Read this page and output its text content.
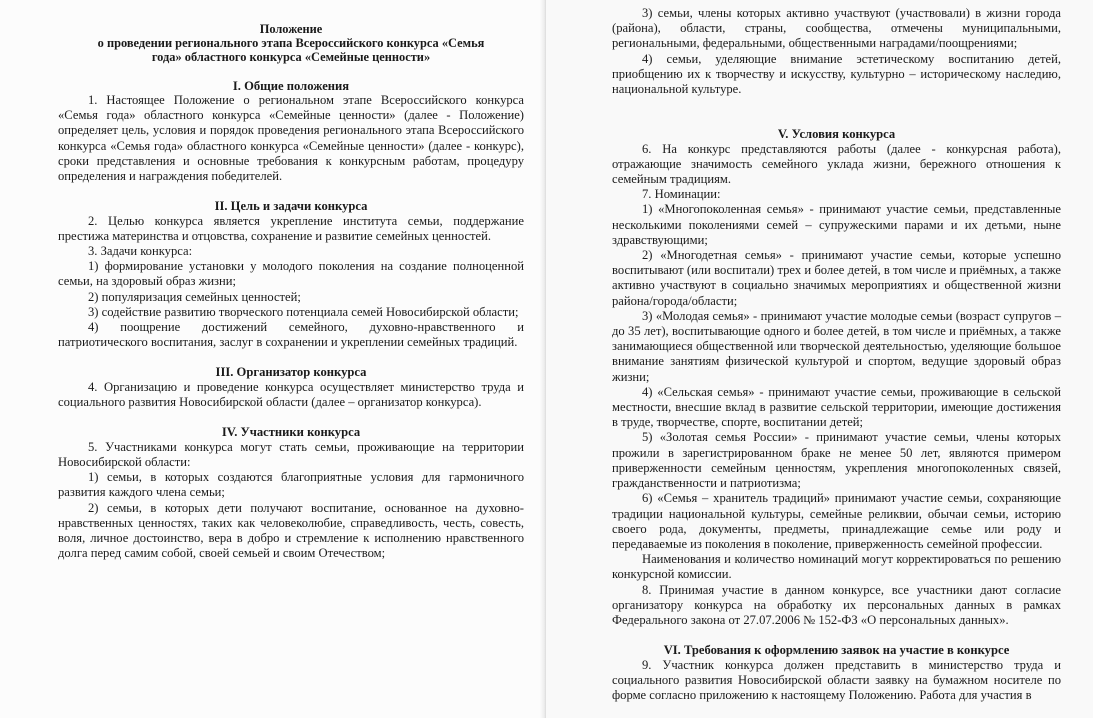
Положение
о проведении регионального этапа Всероссийского конкурса «Семья
года» областного конкурса «Семейные ценности»
I. Общие положения

1. Настоящее Положение о региональном этапе Всероссийского конкурса «Семья года» областного конкурса «Семейные ценности» (далее - Положение) определяет цель, условия и порядок проведения регионального этапа Всероссийского конкурса «Семья года» областного конкурса «Семейные ценности» (далее - конкурс), сроки представления и основные требования к конкурсным работам, процедуру определения и награждения победителей.

II. Цель и задачи конкурса

2. Целью конкурса является укрепление института семьи, поддержание престижа материнства и отцовства, сохранение и развитие семейных ценностей.

3. Задачи конкурса:

1) формирование установки у молодого поколения на создание полноценной семьи, на здоровый образ жизни;

2) популяризация семейных ценностей;

3) содействие развитию творческого потенциала семей Новосибирской области;

4) поощрение достижений семейного, духовно-нравственного и патриотического воспитания, заслуг в сохранении и укреплении семейных традиций.

III. Организатор конкурса

4. Организацию и проведение конкурса осуществляет министерство труда и социального развития Новосибирской области (далее – организатор конкурса).

IV. Участники конкурса

5. Участниками конкурса могут стать семьи, проживающие на территории Новосибирской области:

1) семьи, в которых создаются благоприятные условия для гармоничного развития каждого члена семьи;

2) семьи, в которых дети получают воспитание, основанное на духовно-нравственных ценностях, таких как человеколюбие, справедливость, честь, совесть, воля, личное достоинство, вера в добро и стремление к исполнению нравственного долга перед самим собой, своей семьей и своим Отечеством;

3) семьи, члены которых активно участвуют (участвовали) в жизни города (района), области, страны, сообщества, отмечены муниципальными, региональными, федеральными, общественными наградами/поощрениями;

4) семьи, уделяющие внимание эстетическому воспитанию детей, приобщению их к творчеству и искусству, культурно – историческому наследию, национальной культуре.

V. Условия конкурса

6. На конкурс представляются работы (далее - конкурсная работа), отражающие значимость семейного уклада жизни, бережного отношения к семейным традициям.

7. Номинации:

1) «Многопоколенная семья» - принимают участие семьи, представленные несколькими поколениями семей – супружескими парами и их детьми, ныне здравствующими;

2) «Многодетная семья» - принимают участие семьи, которые успешно воспитывают (или воспитали) трех и более детей, в том числе и приёмных, а также активно участвуют в социально значимых мероприятиях и общественной жизни района/города/области;

3) «Молодая семья» - принимают участие молодые семьи (возраст супругов – до 35 лет), воспитывающие одного и более детей, в том числе и приёмных, а также занимающиеся общественной или творческой деятельностью, уделяющие большое внимание занятиям физической культурой и спортом, ведущие здоровый образ жизни;

4) «Сельская семья» - принимают участие семьи, проживающие в сельской местности, внесшие вклад в развитие сельской территории, имеющие достижения в труде, творчестве, спорте, воспитании детей;

5) «Золотая семья России» - принимают участие семьи, члены которых прожили в зарегистрированном браке не менее 50 лет, являются примером приверженности семейным ценностям, укрепления многопоколенных связей, гражданственности и патриотизма;

6) «Семья – хранитель традиций» принимают участие семьи, сохраняющие традиции национальной культуры, семейные реликвии, обычаи семьи, историю своего рода, документы, предметы, принадлежащие семье или роду и передаваемые из поколения в поколение, приверженность семейной профессии.

Наименования и количество номинаций могут корректироваться по решению конкурсной комиссии.

8. Принимая участие в данном конкурсе, все участники дают согласие организатору конкурса на обработку их персональных данных в рамках Федерального закона от 27.07.2006 № 152-ФЗ «О персональных данных».

VI. Требования к оформлению заявок на участие в конкурсе

9. Участник конкурса должен представить в министерство труда и социального развития Новосибирской области заявку на бумажном носителе по форме согласно приложению к настоящему Положению. Работа для участия в
